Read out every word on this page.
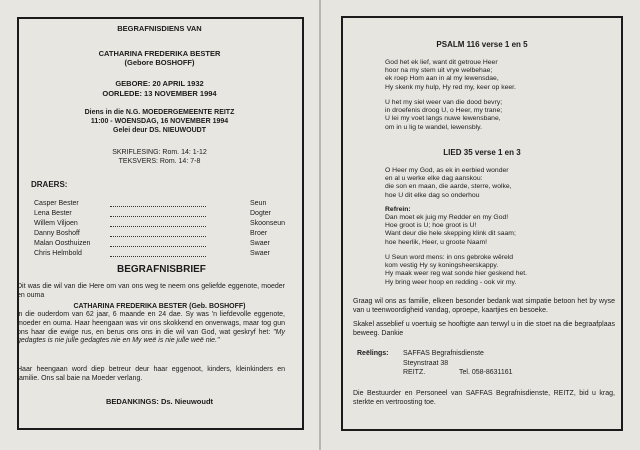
BEGRAFNISDIENS VAN
CATHARINA FREDERIKA BESTER
(Gebore BOSHOFF)
GEBORE: 20 APRIL 1932
OORLEDE: 13 NOVEMBER 1994
Diens in die N.G. MOEDERGEMEENTE REITZ
11:00 - WOENSDAG, 16 NOVEMBER 1994
Gelei deur DS. NIEUWOUDT
SKRIFLESING: Rom. 14: 1-12
TEKSVERS: Rom. 14: 7-8
DRAERS:
Casper Bester	Seun
Lena Bester	Dogter
Willem Viljoen	Skoonseun
Danny Boshoff	Broer
Malan Oosthuizen	Swaer
Chris Helmbold	Swaer
BEGRAFNISBRIEF
Dit was die wil van die Here om van ons weg te neem ons geliefde eggenote, moeder en ouma
CATHARINA FREDERIKA BESTER (Geb. BOSHOFF)
in die ouderdom van 62 jaar, 6 maande en 24 dae. Sy was 'n liefdevolle eggenote, moeder en ouma. Haar heengaan was vir ons skokkend en onverwags, maar tog gun ons haar die ewige rus, en berus ons ons in die wil van God, wat geskryf het: "My gedagtes is nie julle gedagtes nie en My weë is nie julle weë nie."
Haar heengaan word diep betreur deur haar eggenoot, kinders, kleinkinders en familie. Ons sal baie na Moeder verlang.
BEDANKINGS: Ds. Nieuwoudt
PSALM 116 verse 1 en 5
God het ek lief, want dit getroue Heer
hoor na my stem uit vrye welbehae;
ek roep Hom aan in al my lewensdae,
Hy skenk my hulp, Hy red my, keer op keer.
U het my siel weer van die dood bevry;
in droefenis droog U, o Heer, my trane;
U lei my voet langs nuwe lewensbane,
om in u lig te wandel, lewensbly.
LIED 35 verse 1 en 3
O Heer my God, as ek in eerbied wonder
en al u werke elke dag aanskou:
die son en maan, die aarde, sterre, wolke,
hoe U dit elke dag so onderhou
Refrein:
Dan moet ek juig my Redder en my God!
Hoe groot is U; hoe groot is U!
Want deur die hele skepping klink dit saam;
hoe heerlik, Heer, u groote Naam!
U Seun word mens: in ons gebroke wêreld
kom vestig Hy sy koningsheerskappy.
Hy maak weer reg wat sonde hier geskend het.
Hy bring weer hoop en redding - ook vir my.
Graag wil ons as familie, elkeen besonder bedank wat simpatie betoon het by wyse van u teenwoordigheid vandag, oproepe, kaartjies en besoeke.
Skakel asseblief u voertuig se hooftigte aan terwyl u in die stoet na die begraafplaas beweeg. Dankie
Reëlings: SAFFAS Begrafnisdienste
Steynstraat 38
REITZ.	Tel. 058-8631161
Die Bestuurder en Personeel van SAFFAS Begrafnisdienste, REITZ, bid u krag, sterkte en vertroosting toe.
